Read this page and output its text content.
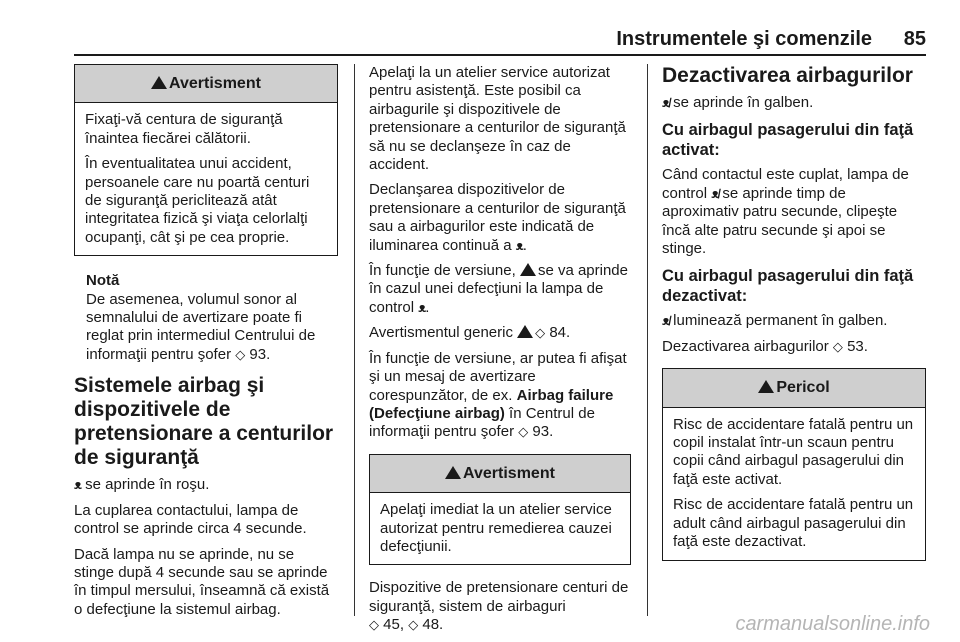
Instrumentele şi comenzile 85
Avertisment

Fixaţi-vă centura de siguranţă înaintea fiecărei călătorii.

În eventualitatea unui accident, persoanele care nu poartă centuri de siguranţă periclitează atât integritatea fizică şi viaţa celorlalţi ocupanţi, cât şi pe cea proprie.

Notă
De asemenea, volumul sonor al semnalului de avertizare poate fi reglat prin intermediul Centrului de informaţii pentru şofer ◇ 93.
Sistemele airbag şi dispozitivele de pretensionare a centurilor de siguranţă

ᴥ se aprinde în roşu.

La cuplarea contactului, lampa de control se aprinde circa 4 secunde.

Dacă lampa nu se aprinde, nu se stinge după 4 secunde sau se aprinde în timpul mersului, înseamnă că există o defecţiune la sistemul airbag.

Apelaţi la un atelier service autorizat pentru asistenţă. Este posibil ca airbagurile şi dispozitivele de pretensionare a centurilor de siguranţă să nu se declanşeze în caz de accident.

Declanşarea dispozitivelor de pretensionare a centurilor de siguranţă sau a airbagurilor este indicată de iluminarea continuă a ᴥ.

În funcţie de versiune, se va aprinde în cazul unei defecţiuni la lampa de control ᴥ.

Avertismentul generic ◇ 84.

În funcţie de versiune, ar putea fi afişat şi un mesaj de avertizare corespunzător, de ex. Airbag failure (Defecţiune airbag) în Centrul de informaţii pentru şofer ◇ 93.

Avertisment

Apelaţi imediat la un atelier service autorizat pentru remedierea cauzei defecţiunii.

Dispozitive de pretensionare centuri de siguranţă, sistem de airbaguri
◇ 45, ◇ 48.

Dezactivarea airbagurilor

ᴥ̸ se aprinde în galben.

Cu airbagul pasagerului din faţă activat:

Când contactul este cuplat, lampa de control ᴥ̸ se aprinde timp de aproximativ patru secunde, clipeşte încă alte patru secunde şi apoi se stinge.

Cu airbagul pasagerului din faţă dezactivat:

ᴥ̸ luminează permanent în galben.

Dezactivarea airbagurilor ◇ 53.

Pericol

Risc de accidentare fatală pentru un copil instalat într-un scaun pentru copii când airbagul pasagerului din faţă este activat.

Risc de accidentare fatală pentru un adult când airbagul pasagerului din faţă este dezactivat.

carmanualsonline.info
